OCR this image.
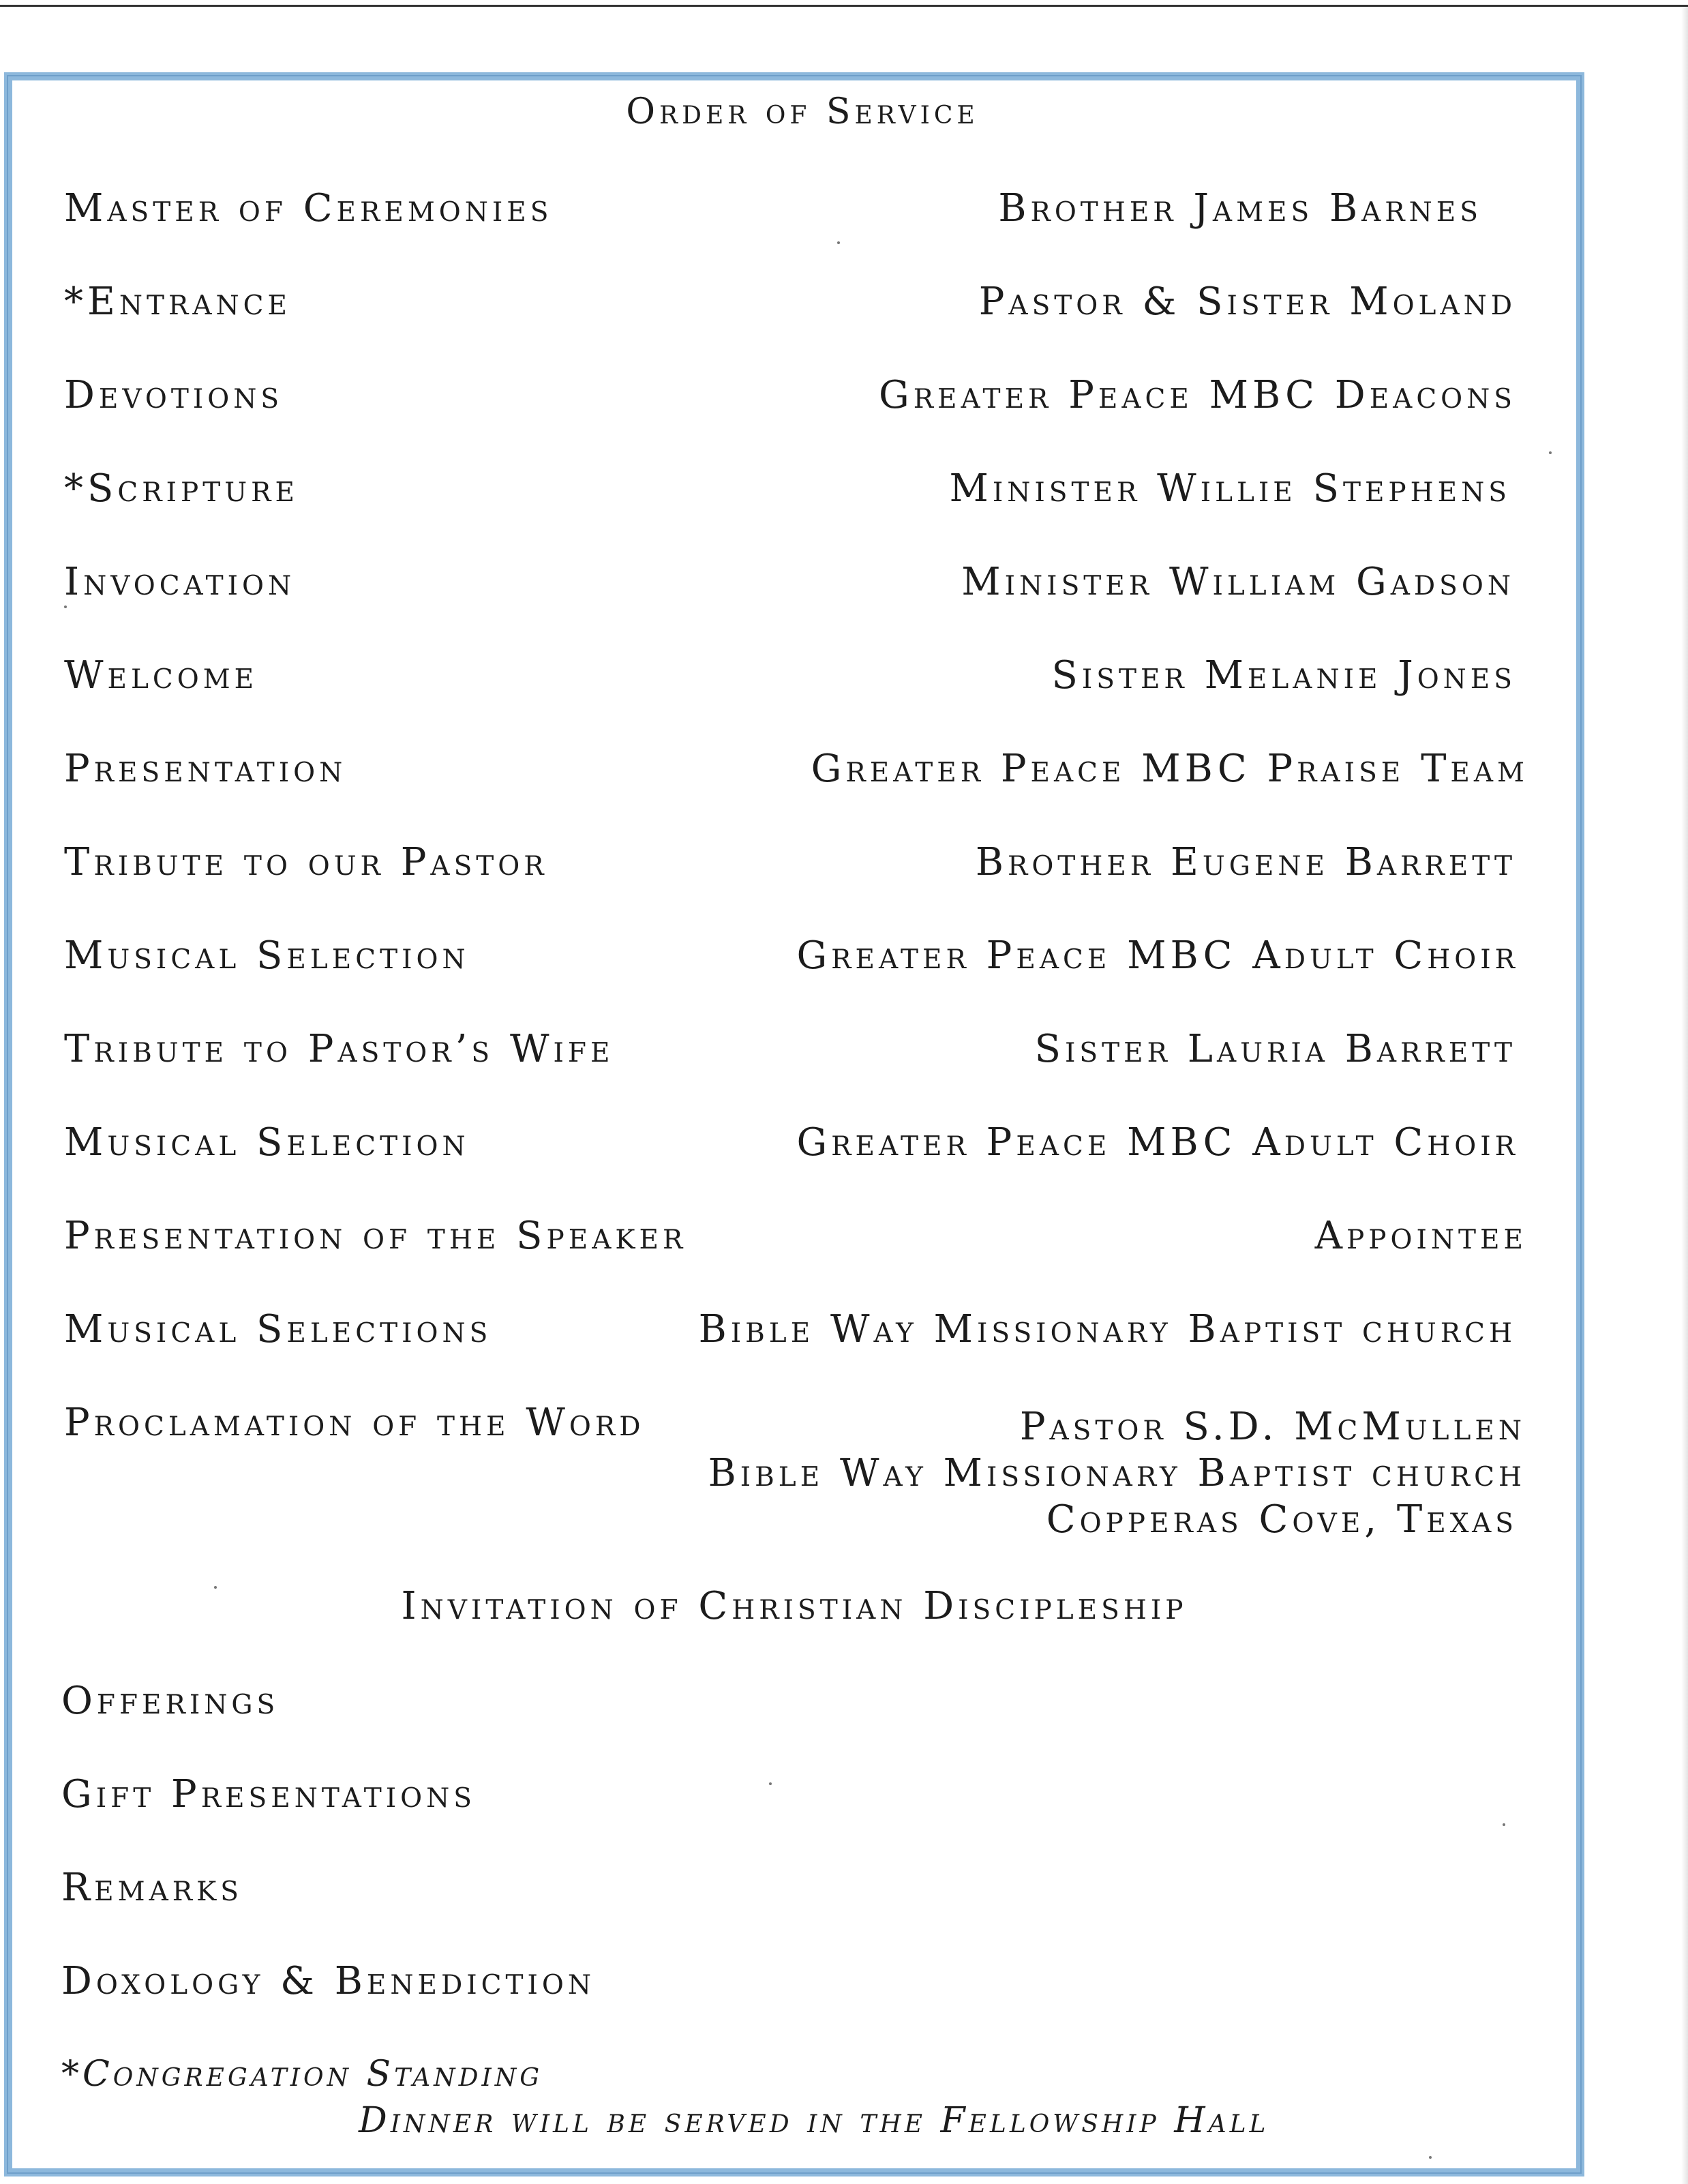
Order of Service
Master of Ceremonies	Brother James Barnes
*Entrance	Pastor & Sister Moland
Devotions	Greater Peace MBC Deacons
*Scripture	Minister Willie Stephens
Invocation	Minister William Gadson
Welcome	Sister Melanie Jones
Presentation	Greater Peace MBC Praise Team
Tribute to our Pastor	Brother Eugene Barrett
Musical Selection	Greater Peace MBC Adult Choir
Tribute to Pastor’s Wife	Sister Lauria Barrett
Musical Selection	Greater Peace MBC Adult Choir
Presentation of the Speaker	Appointee
Musical Selections	Bible Way Missionary Baptist church
Proclamation of the Word	Pastor S.D. McMullen
Bible Way Missionary Baptist church
Copperas Cove, Texas
Invitation of Christian Discipleship
Offerings
Gift Presentations
Remarks
Doxology & Benediction
*Congregation Standing
Dinner will be served in the Fellowship Hall
